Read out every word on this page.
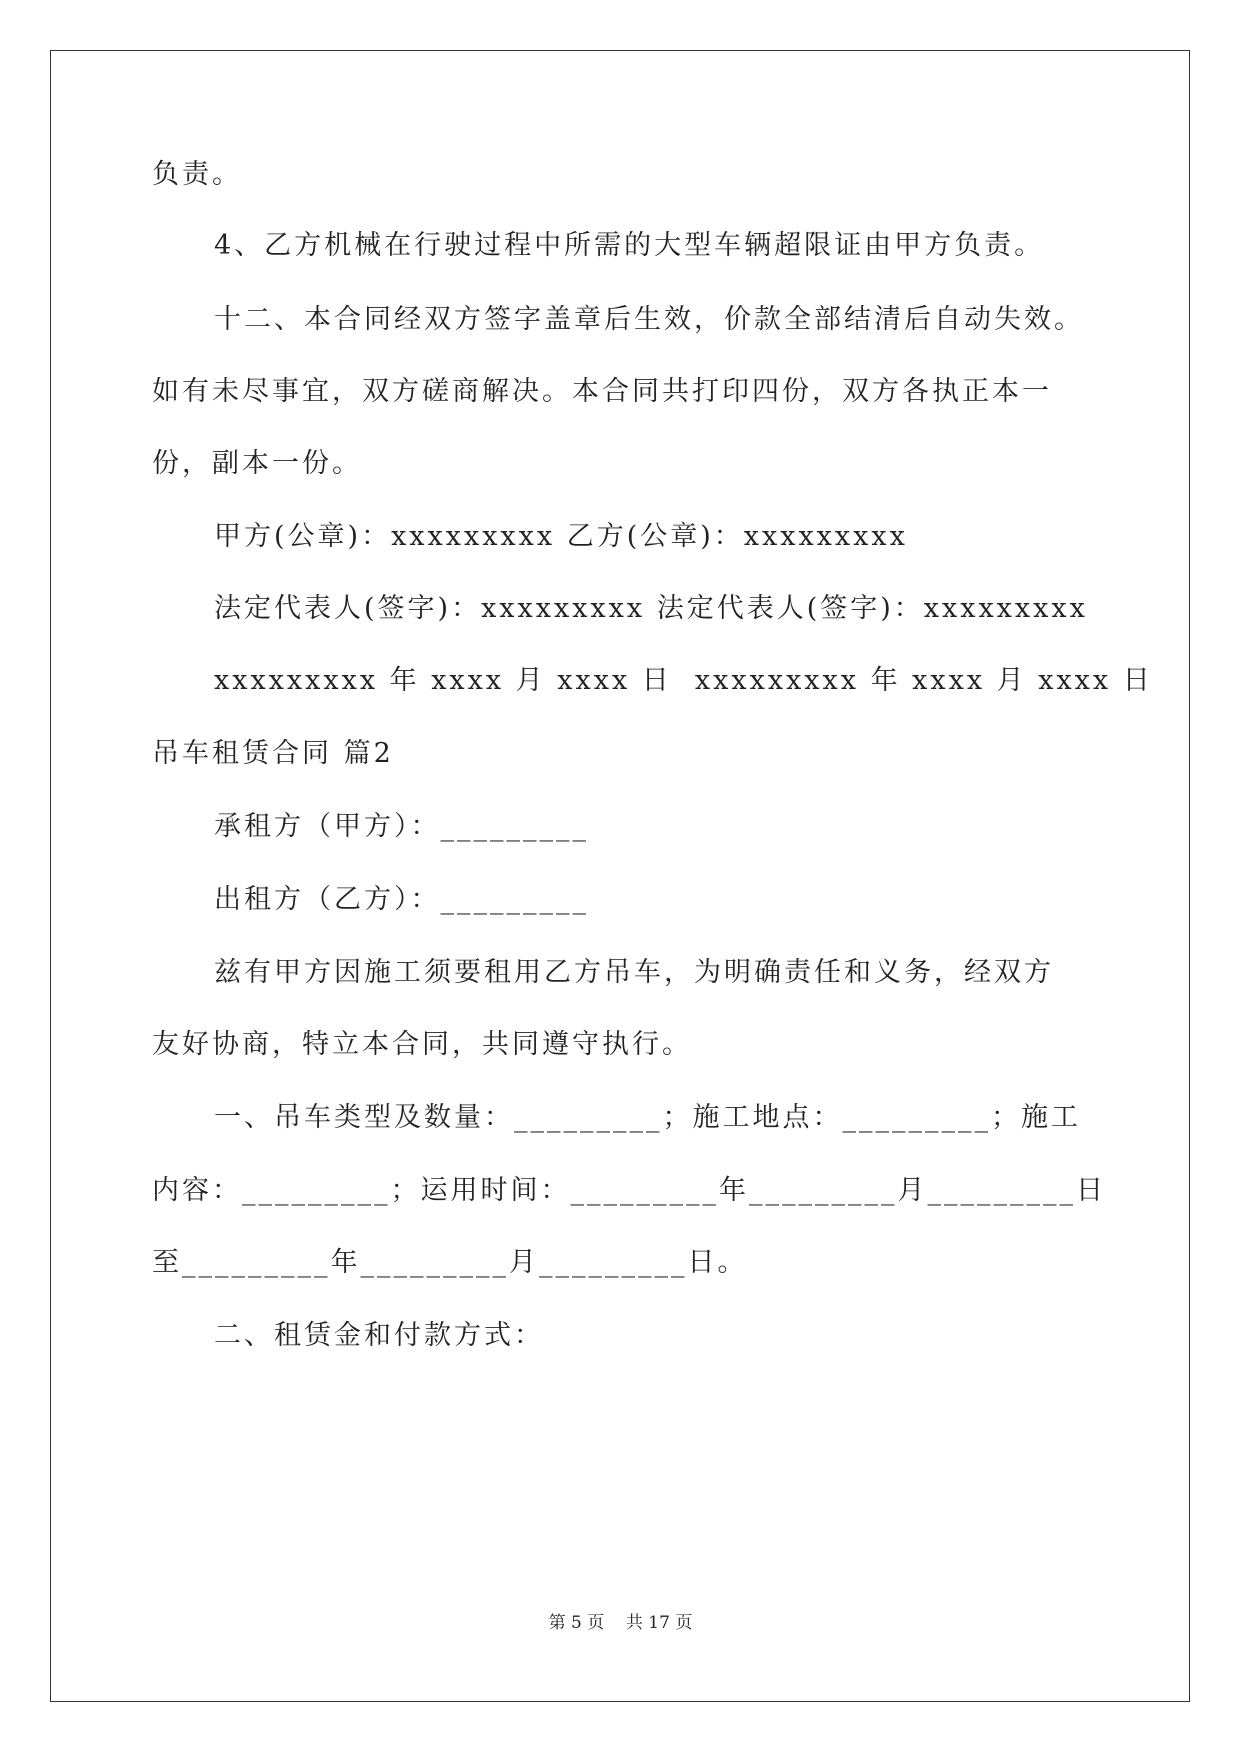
负责。
4、乙方机械在行驶过程中所需的大型车辆超限证由甲方负责。
十二、本合同经双方签字盖章后生效，价款全部结清后自动失效。
如有未尽事宜，双方磋商解决。本合同共打印四份，双方各执正本一
份，副本一份。
甲方(公章)：xxxxxxxxx 乙方(公章)：xxxxxxxxx
法定代表人(签字)：xxxxxxxxx 法定代表人(签字)：xxxxxxxxx
xxxxxxxxx 年 xxxx 月 xxxx 日  xxxxxxxxx 年 xxxx 月 xxxx 日
吊车租赁合同 篇2
承租方（甲方）：_________
出租方（乙方）：_________
兹有甲方因施工须要租用乙方吊车，为明确责任和义务，经双方
友好协商，特立本合同，共同遵守执行。
一、吊车类型及数量：_________；施工地点：_________；施工
内容：_________；运用时间：_________年_________月_________日
至_________年_________月_________日。
二、租赁金和付款方式：
第 5 页    共 17 页
